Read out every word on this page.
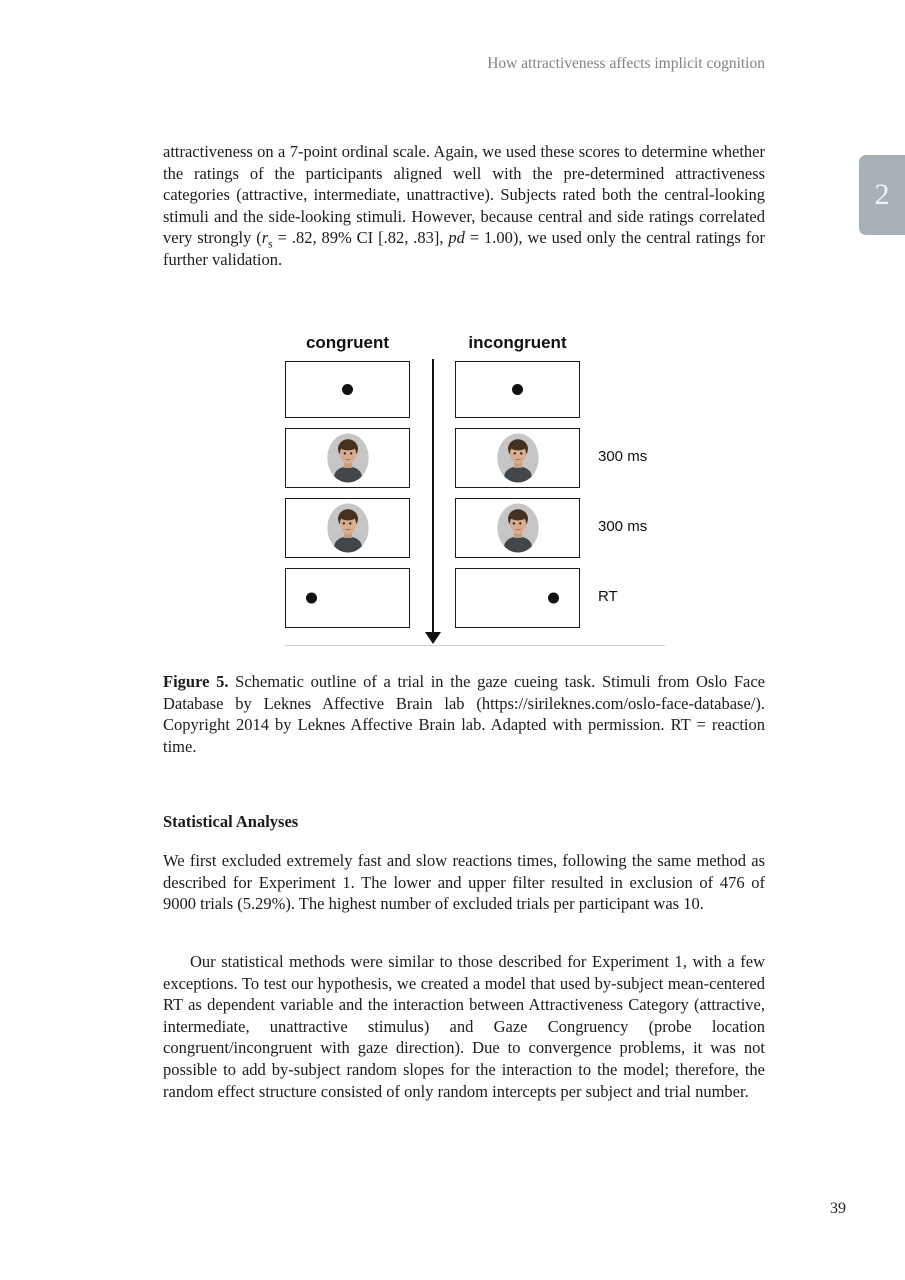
How attractiveness affects implicit cognition
2

attractiveness on a 7-point ordinal scale. Again, we used these scores to determine whether the ratings of the participants aligned well with the pre-determined attractiveness categories (attractive, intermediate, unattractive). Subjects rated both the central-looking stimuli and the side-looking stimuli. However, because central and side ratings correlated very strongly ($r_s = .82$, 89% CI [.82, .83], pd = 1.00), we used only the central ratings for further validation.

congruent	incongruent
300 ms
300 ms
RT

Figure 5. Schematic outline of a trial in the gaze cueing task. Stimuli from Oslo Face Database by Leknes Affective Brain lab (https://sirileknes.com/oslo-face-database/). Copyright 2014 by Leknes Affective Brain lab. Adapted with permission. RT = reaction time.

Statistical Analyses

We first excluded extremely fast and slow reactions times, following the same method as described for Experiment 1. The lower and upper filter resulted in exclusion of 476 of 9000 trials (5.29%). The highest number of excluded trials per participant was 10.

Our statistical methods were similar to those described for Experiment 1, with a few exceptions. To test our hypothesis, we created a model that used by-subject mean-centered RT as dependent variable and the interaction between Attractiveness Category (attractive, intermediate, unattractive stimulus) and Gaze Congruency (probe location congruent/incongruent with gaze direction). Due to convergence problems, it was not possible to add by-subject random slopes for the interaction to the model; therefore, the random effect structure consisted of only random intercepts per subject and trial number.

39
